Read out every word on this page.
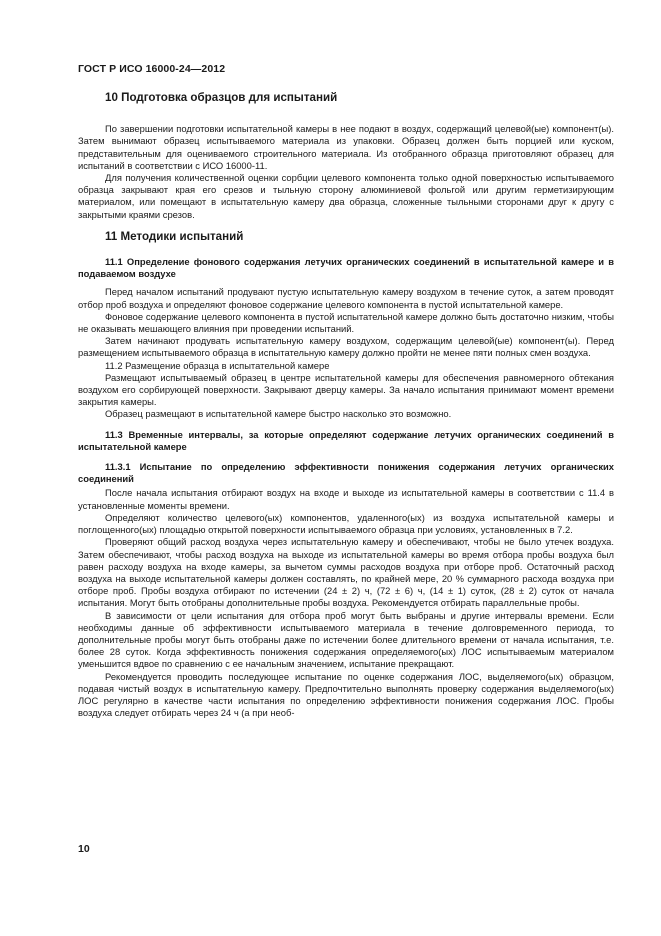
ГОСТ Р ИСО 16000-24—2012
10 Подготовка образцов для испытаний

По завершении подготовки испытательной камеры в нее подают в воздух, содержащий целевой(ые) компонент(ы). Затем вынимают образец испытываемого материала из упаковки. Образец должен быть порцией или куском, представительным для оцениваемого строительного материала. Из отобранного образца приготовляют образец для испытаний в соответствии с ИСО 16000-11.

Для получения количественной оценки сорбции целевого компонента только одной поверхностью испытываемого образца закрывают края его срезов и тыльную сторону алюминиевой фольгой или другим герметизирующим материалом, или помещают в испытательную камеру два образца, сложенные тыльными сторонами друг к другу с закрытыми краями срезов.

11 Методики испытаний
11.1 Определение фонового содержания летучих органических соединений в испытательной камере и в подаваемом воздухе

Перед началом испытаний продувают пустую испытательную камеру воздухом в течение суток, а затем проводят отбор проб воздуха и определяют фоновое содержание целевого компонента в пустой испытательной камере.

Фоновое содержание целевого компонента в пустой испытательной камере должно быть достаточно низким, чтобы не оказывать мешающего влияния при проведении испытаний.

Затем начинают продувать испытательную камеру воздухом, содержащим целевой(ые) компонент(ы). Перед размещением испытываемого образца в испытательную камеру должно пройти не менее пяти полных смен воздуха.

11.2 Размещение образца в испытательной камере

Размещают испытываемый образец в центре испытательной камеры для обеспечения равномерного обтекания воздухом его сорбирующей поверхности. Закрывают дверцу камеры. За начало испытания принимают момент времени закрытия камеры.

Образец размещают в испытательной камере быстро насколько это возможно.

11.3 Временные интервалы, за которые определяют содержание летучих органических соединений в испытательной камере
11.3.1 Испытание по определению эффективности понижения содержания летучих органических соединений

После начала испытания отбирают воздух на входе и выходе из испытательной камеры в соответствии с 11.4 в установленные моменты времени.

Определяют количество целевого(ых) компонентов, удаленного(ых) из воздуха испытательной камеры и поглощенного(ых) площадью открытой поверхности испытываемого образца при условиях, установленных в 7.2.

Проверяют общий расход воздуха через испытательную камеру и обеспечивают, чтобы не было утечек воздуха. Затем обеспечивают, чтобы расход воздуха на выходе из испытательной камеры во время отбора пробы воздуха был равен расходу воздуха на входе камеры, за вычетом суммы расходов воздуха при отборе проб. Остаточный расход воздуха на выходе испытательной камеры должен составлять, по крайней мере, 20 % суммарного расхода воздуха при отборе проб. Пробы воздуха отбирают по истечении (24 ± 2) ч, (72 ± 6) ч, (14 ± 1) суток, (28 ± 2) суток от начала испытания. Могут быть отобраны дополнительные пробы воздуха. Рекомендуется отбирать параллельные пробы.

В зависимости от цели испытания для отбора проб могут быть выбраны и другие интервалы времени. Если необходимы данные об эффективности испытываемого материала в течение долговременного периода, то дополнительные пробы могут быть отобраны даже по истечении более длительного времени от начала испытания, т.е. более 28 суток. Когда эффективность понижения содержания определяемого(ых) ЛОС испытываемым материалом уменьшится вдвое по сравнению с ее начальным значением, испытание прекращают.

Рекомендуется проводить последующее испытание по оценке содержания ЛОС, выделяемого(ых) образцом, подавая чистый воздух в испытательную камеру. Предпочтительно выполнять проверку содержания выделяемого(ых) ЛОС регулярно в качестве части испытания по определению эффективности понижения содержания ЛОС. Пробы воздуха следует отбирать через 24 ч (а при необ-

10
